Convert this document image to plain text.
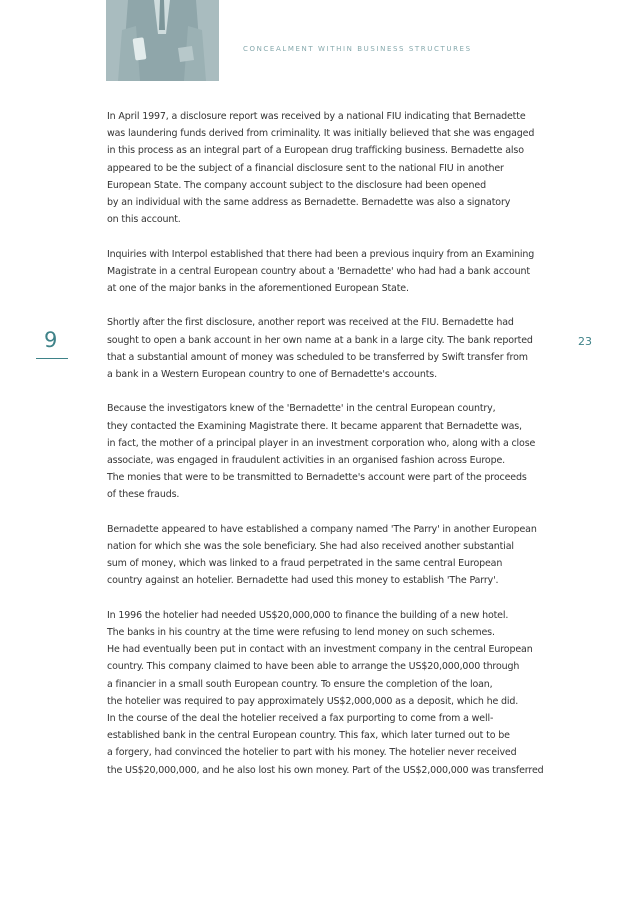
CONCEALMENT WITHIN BUSINESS STRUCTURES
9	23

In April 1997, a disclosure report was received by a national FIU indicating that Bernadette
was laundering funds derived from criminality. It was initially believed that she was engaged
in this process as an integral part of a European drug trafficking business. Bernadette also
appeared to be the subject of a financial disclosure sent to the national FIU in another
European State. The company account subject to the disclosure had been opened
by an individual with the same address as Bernadette. Bernadette was also a signatory
on this account.

Inquiries with Interpol established that there had been a previous inquiry from an Examining
Magistrate in a central European country about a 'Bernadette' who had had a bank account
at one of the major banks in the aforementioned European State.

Shortly after the first disclosure, another report was received at the FIU. Bernadette had
sought to open a bank account in her own name at a bank in a large city. The bank reported
that a substantial amount of money was scheduled to be transferred by Swift transfer from
a bank in a Western European country to one of Bernadette's accounts.

Because the investigators knew of the 'Bernadette' in the central European country,
they contacted the Examining Magistrate there. It became apparent that Bernadette was,
in fact, the mother of a principal player in an investment corporation who, along with a close
associate, was engaged in fraudulent activities in an organised fashion across Europe.
The monies that were to be transmitted to Bernadette's account were part of the proceeds
of these frauds.

Bernadette appeared to have established a company named 'The Parry' in another European
nation for which she was the sole beneficiary. She had also received another substantial
sum of money, which was linked to a fraud perpetrated in the same central European
country against an hotelier. Bernadette had used this money to establish 'The Parry'.

In 1996 the hotelier had needed US$20,000,000 to finance the building of a new hotel.
The banks in his country at the time were refusing to lend money on such schemes.
He had eventually been put in contact with an investment company in the central European
country. This company claimed to have been able to arrange the US$20,000,000 through
a financier in a small south European country. To ensure the completion of the loan,
the hotelier was required to pay approximately US$2,000,000 as a deposit, which he did.
In the course of the deal the hotelier received a fax purporting to come from a well-
established bank in the central European country. This fax, which later turned out to be
a forgery, had convinced the hotelier to part with his money. The hotelier never received
the US$20,000,000, and he also lost his own money. Part of the US$2,000,000 was transferred
